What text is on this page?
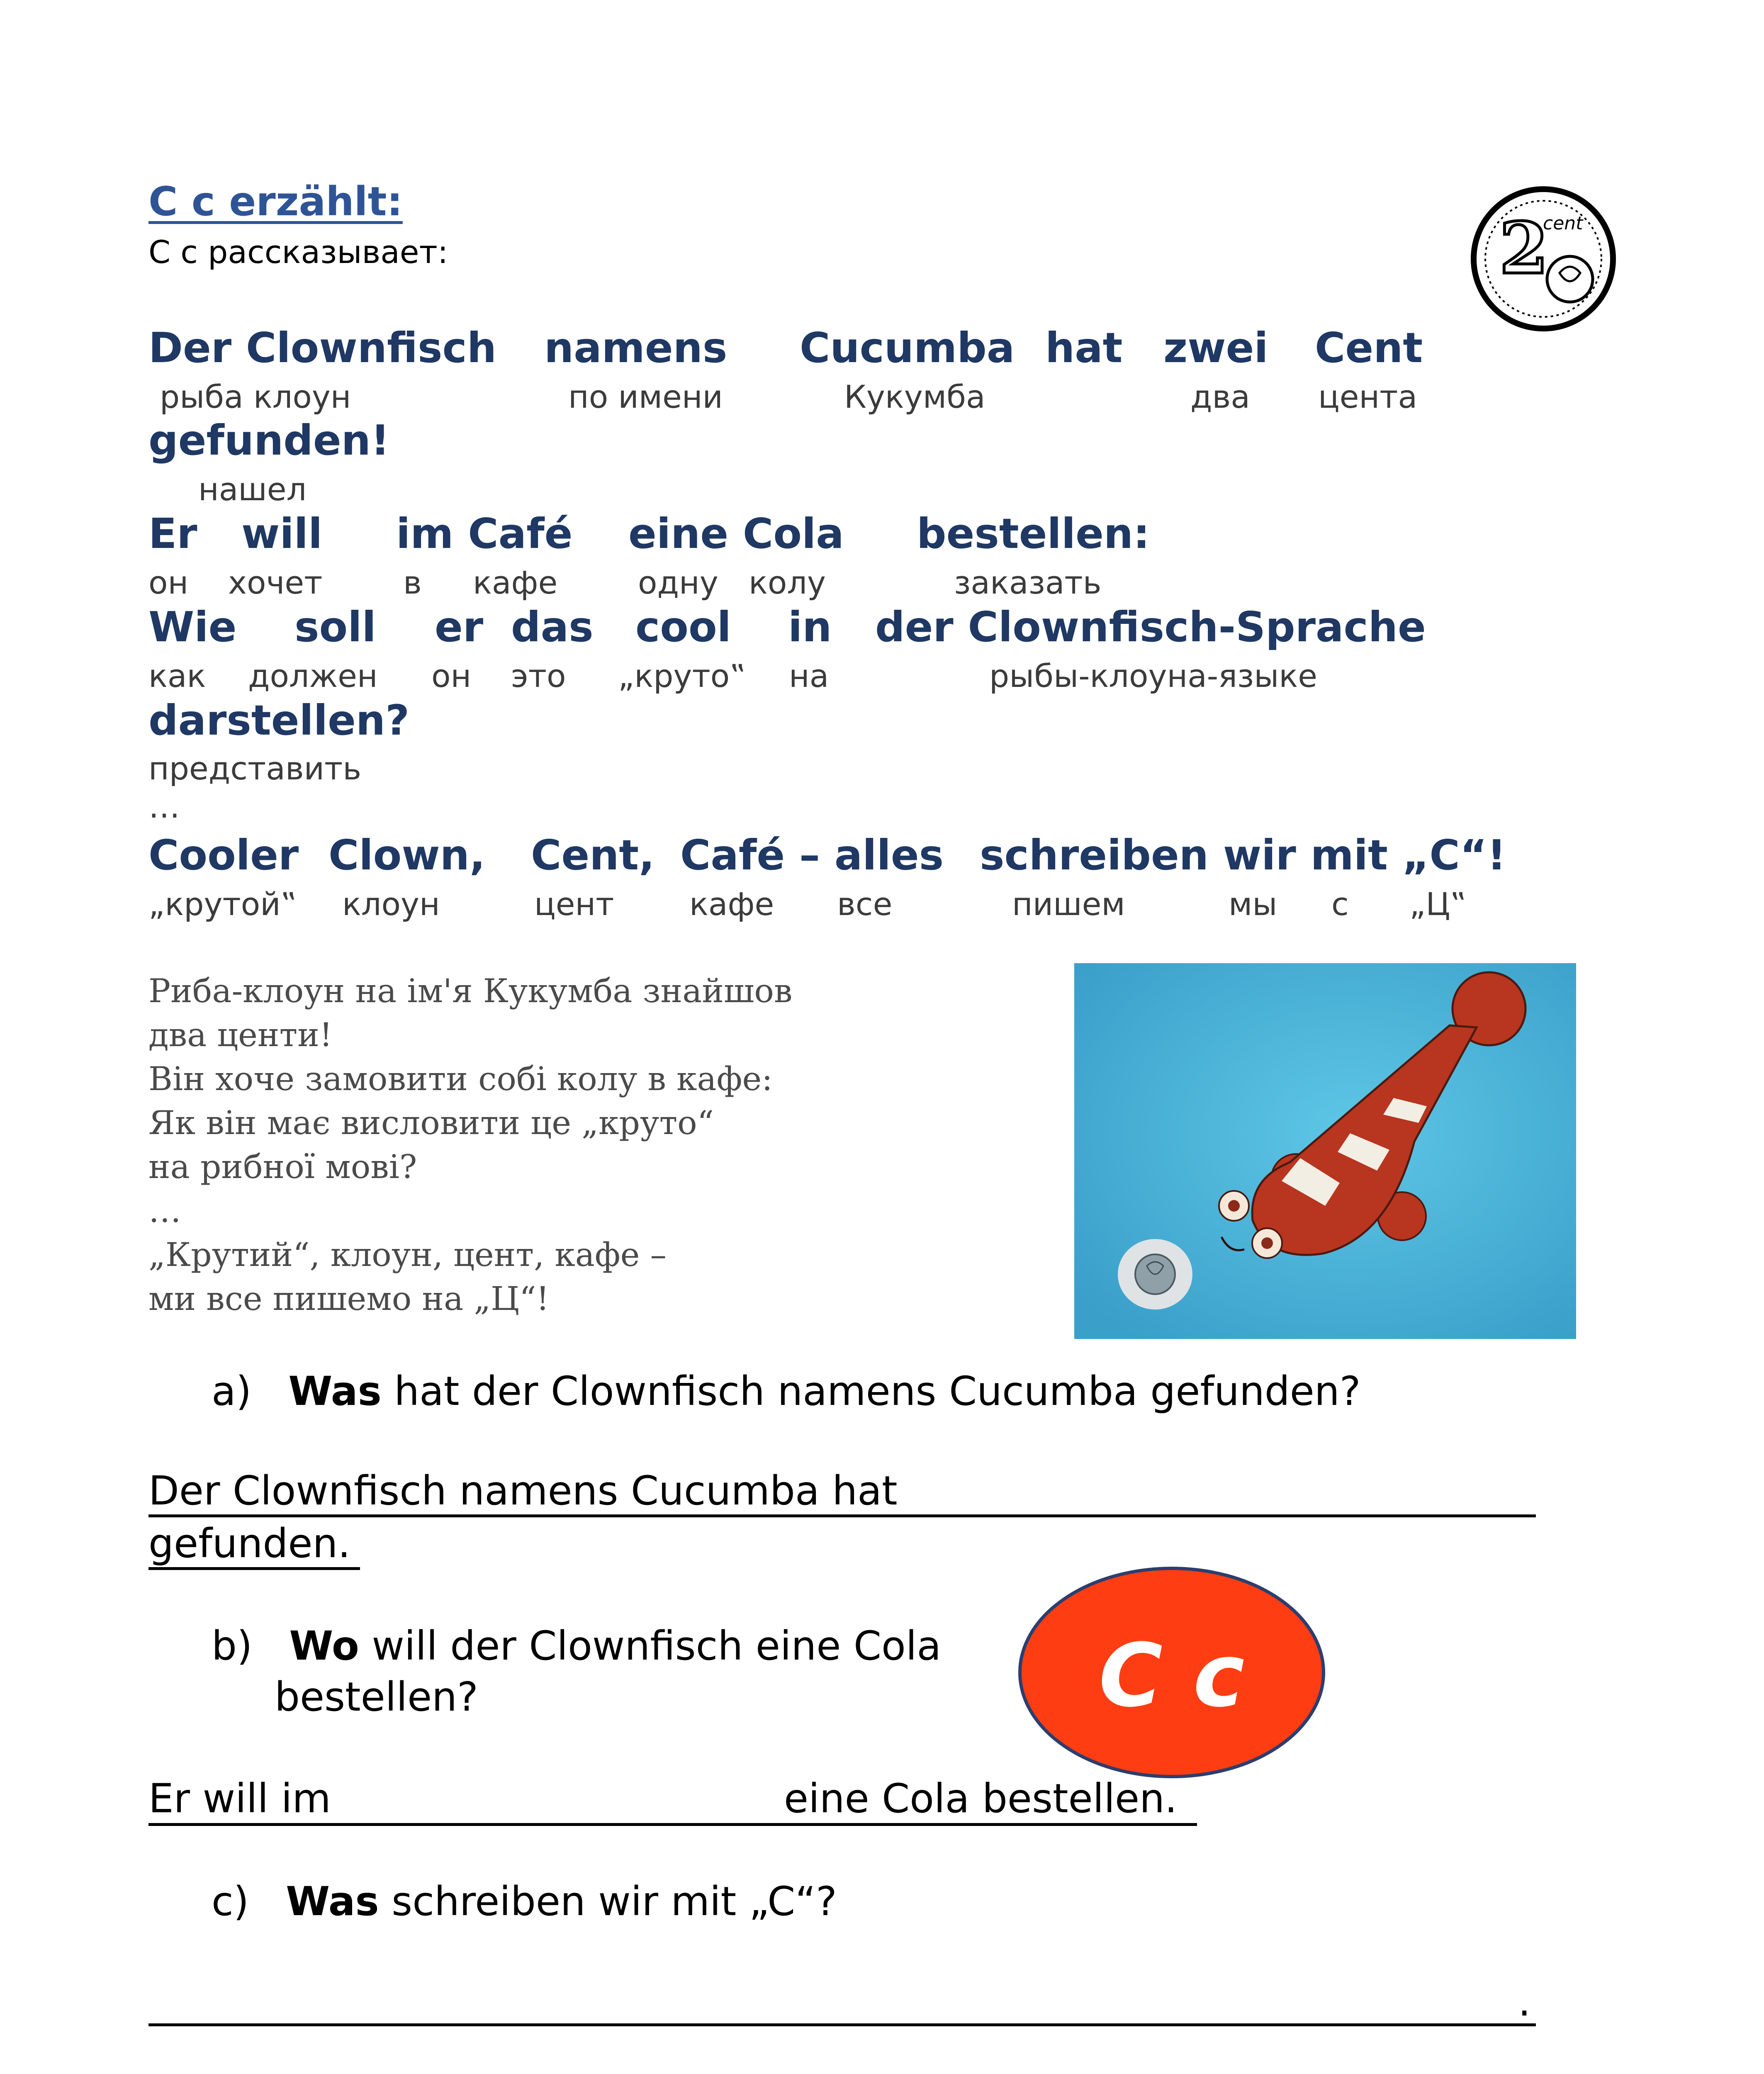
C c erzählt:
С с рассказывает:	2
cent
Der Clownfisch namens Cucumba hat zwei Cent
рыба клоун	по имени	Кукумба	два цента
gefunden!
нашел
Er will im Café eine Cola bestellen:
он хочет	в кафе	одну колу	заказать
Wie soll er das cool in der Clownfisch-Sprache
как должен он это „круто‟ на	рыбы-клоуна-языке
darstellen?
представить
…
Cooler Clown, Cent, Café – alles schreiben wir mit „C“!
„крутой‟ клоун	цент кафе все	пишем	мы с „Ц‟
Риба-клоун на ім'я Кукумба знайшов
два центи!
Він хоче замовити собі колу в кафе:
Як він має висловити це „круто“
на рибної мові?
…
„Крутий“, клоун, цент, кафе –
ми все пишемо на „Ц“!
a) Was hat der Clownfisch namens Cucumba gefunden?
Der Clownfisch namens Cucumba hat
gefunden.
b) Wo will der Clownfisch eine Cola
bestellen?	C c
Er will im	eine Cola bestellen.
c) Was schreiben wir mit „C“?
.
